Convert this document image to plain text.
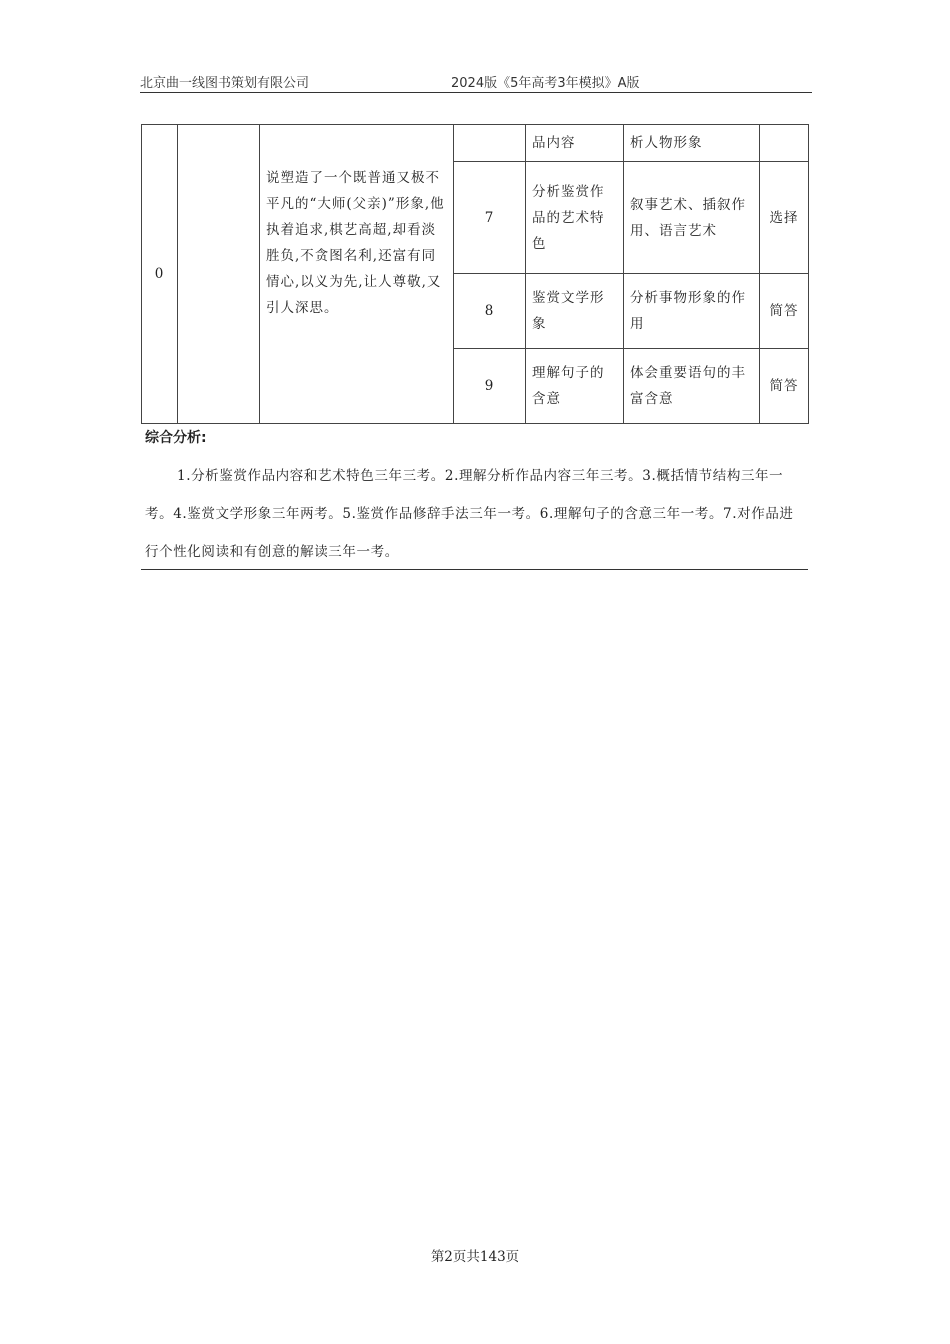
北京曲一线图书策划有限公司	2024版《5年高考3年模拟》A版
0		说塑造了一个既普通又极不平凡的“大师(父亲)”形象,他执着追求,棋艺高超,却看淡胜负,不贪图名利,还富有同情心,以义为先,让人尊敬,又引人深思。		品内容	析人物形象	
			7	分析鉴赏作品的艺术特色	叙事艺术、插叙作用、语言艺术	选择
			8	鉴赏文学形象	分析事物形象的作用	简答
			9	理解句子的含意	体会重要语句的丰富含意	简答
综合分析:
1.分析鉴赏作品内容和艺术特色三年三考。2.理解分析作品内容三年三考。3.概括情节结构三年一考。4.鉴赏文学形象三年两考。5.鉴赏作品修辞手法三年一考。6.理解句子的含意三年一考。7.对作品进行个性化阅读和有创意的解读三年一考。
第2页共143页
